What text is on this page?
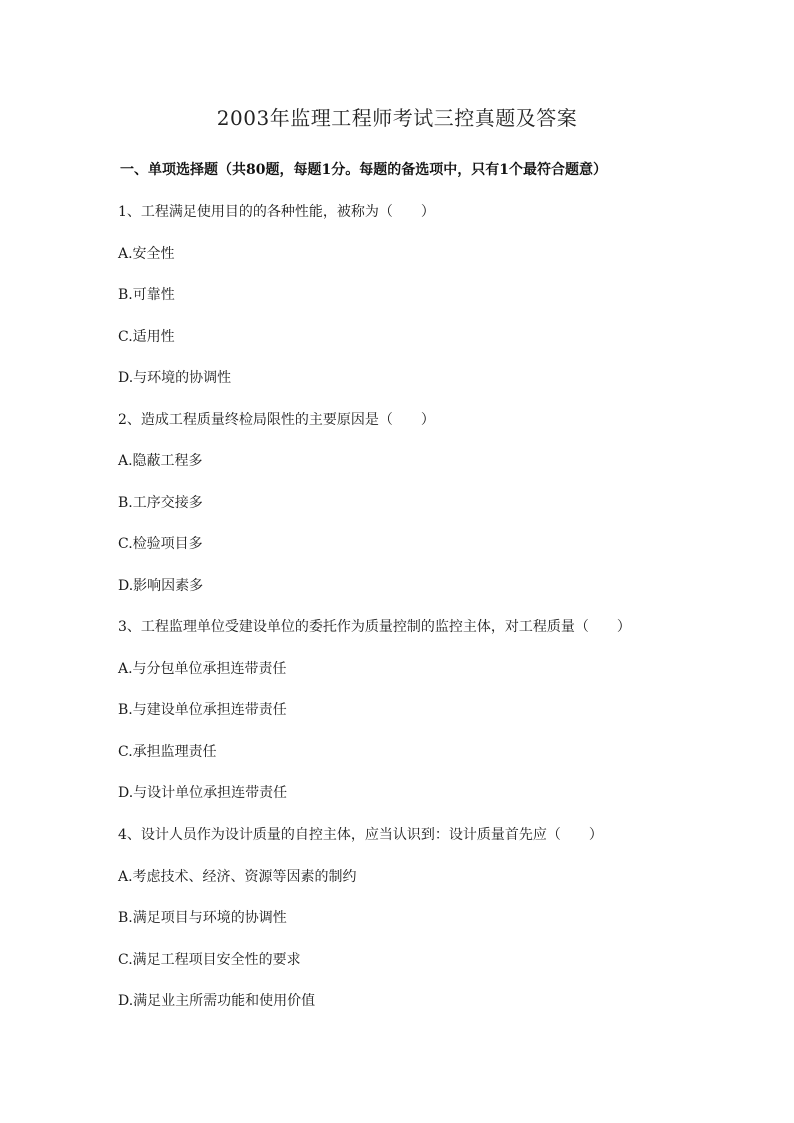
2003年监理工程师考试三控真题及答案
一、单项选择题（共80题，每题1分。每题的备选项中，只有1个最符合题意）
1、工程满足使用目的的各种性能，被称为（　　）
A.安全性
B.可靠性
C.适用性
D.与环境的协调性
2、造成工程质量终检局限性的主要原因是（　　）
A.隐蔽工程多
B.工序交接多
C.检验项目多
D.影响因素多
3、工程监理单位受建设单位的委托作为质量控制的监控主体，对工程质量（　　）
A.与分包单位承担连带责任
B.与建设单位承担连带责任
C.承担监理责任
D.与设计单位承担连带责任
4、设计人员作为设计质量的自控主体，应当认识到：设计质量首先应（　　）
A.考虑技术、经济、资源等因素的制约
B.满足项目与环境的协调性
C.满足工程项目安全性的要求
D.满足业主所需功能和使用价值
